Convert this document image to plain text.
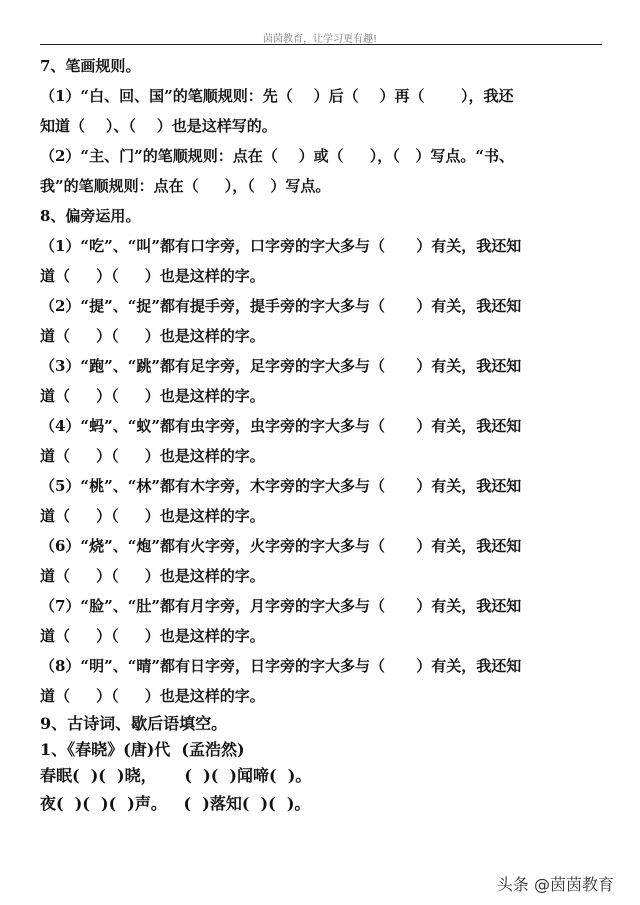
茵茵教育，让学习更有趣!
7、笔画规则。
（1）“白、回、国”的笔顺规则：先（    ）后（    ）再（       ），我还
知道（    ）、（    ）也是这样写的。
（2）“主、门”的笔顺规则：点在（    ）或（     ），（   ）写点。“书、
我”的笔顺规则：点在（     ），（   ）写点。
8、偏旁运用。
（1）“吃”、“叫”都有口字旁，口字旁的字大多与（      ）有关，我还知
道（     ）（     ）也是这样的字。
（2）“提”、“捉”都有提手旁，提手旁的字大多与（      ）有关，我还知
道（     ）（     ）也是这样的字。
（3）“跑”、“跳”都有足字旁，足字旁的字大多与（      ）有关，我还知
道（     ）（     ）也是这样的字。
（4）“蚂”、“蚁”都有虫字旁，虫字旁的字大多与（      ）有关，我还知
道（     ）（     ）也是这样的字。
（5）“桃”、“林”都有木字旁，木字旁的字大多与（      ）有关，我还知
道（     ）（     ）也是这样的字。
（6）“烧”、“炮”都有火字旁，火字旁的字大多与（      ）有关，我还知
道（     ）（     ）也是这样的字。
（7）“脸”、“肚”都有月字旁，月字旁的字大多与（      ）有关，我还知
道（     ）（     ）也是这样的字。
（8）“明”、“晴”都有日字旁，日字旁的字大多与（      ）有关，我还知
道（     ）（     ）也是这样的字。
9、古诗词、歇后语填空。
1、《春晓》(唐)代  (孟浩然)
春眠(  )(  )晓，     (  )(  )闻啼(  )。
夜(  )(  )(  )声。   (  )落知(  )(  )。
头条 @茵茵教育
